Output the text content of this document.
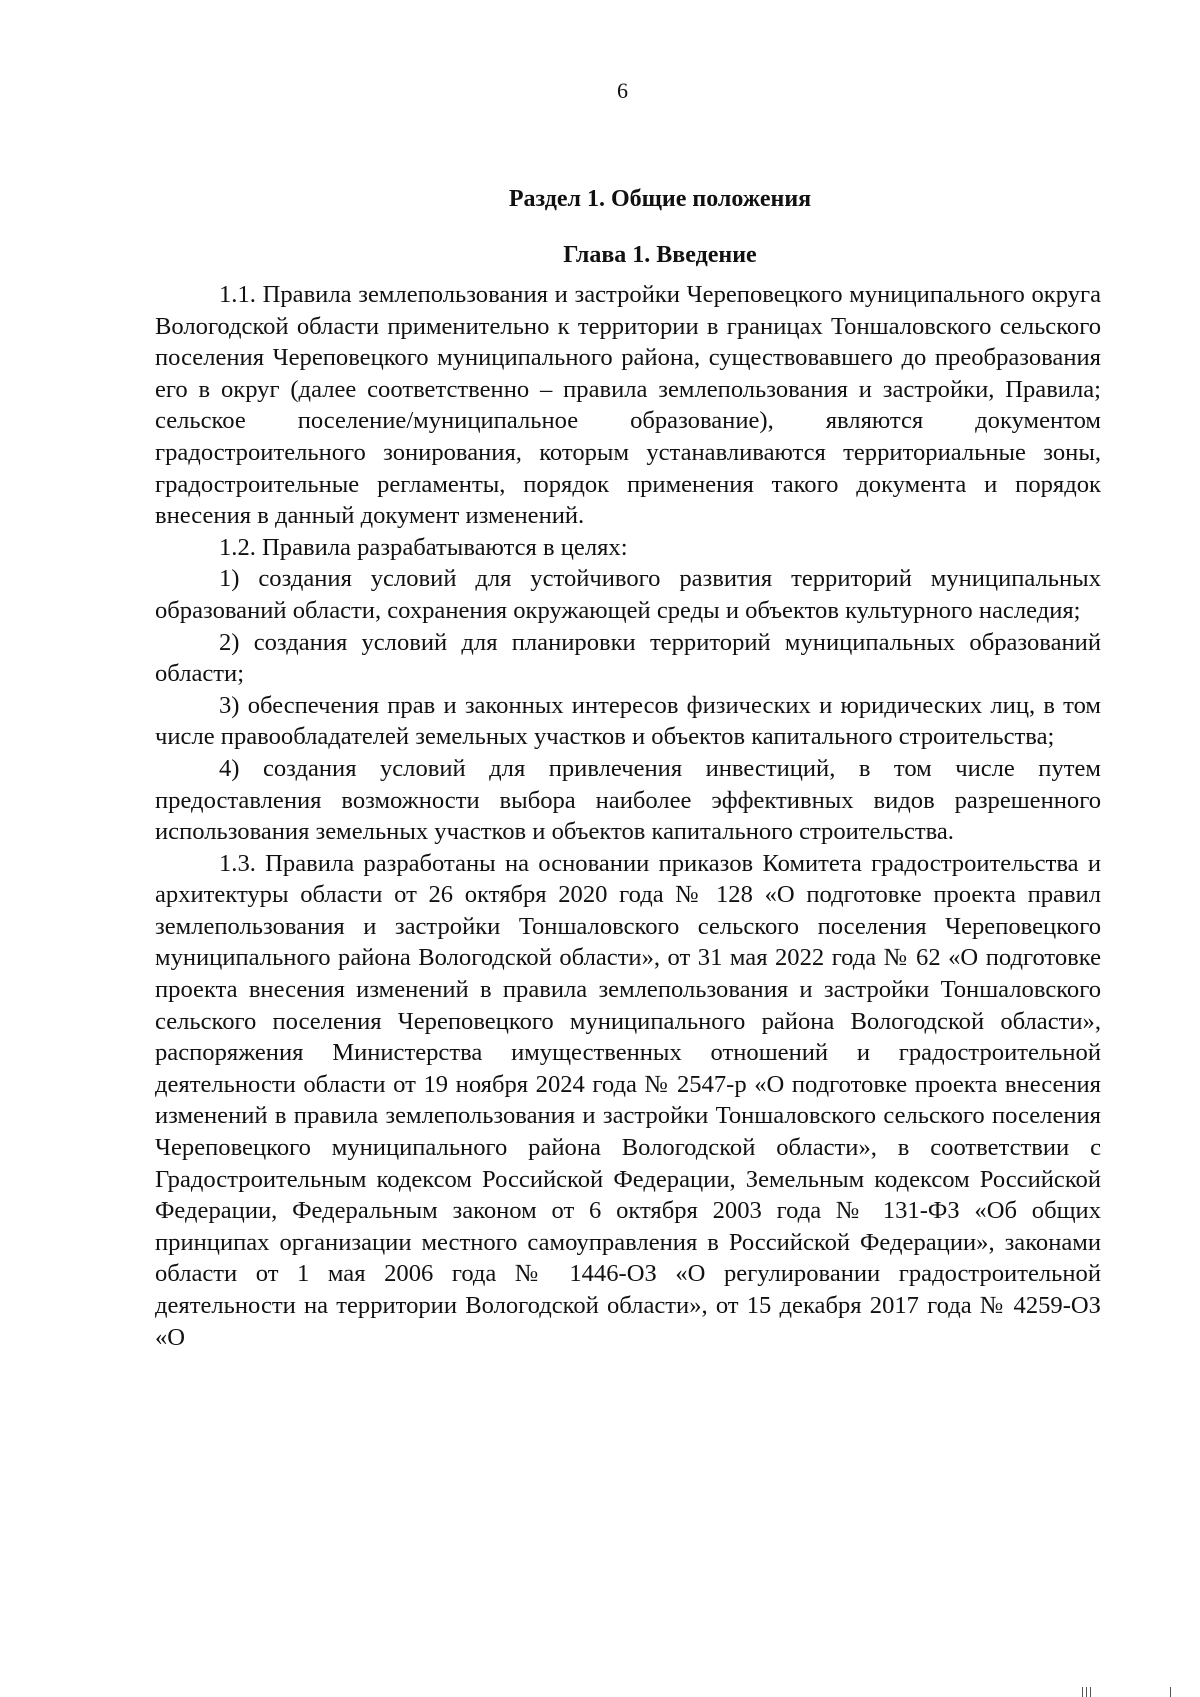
6
Раздел 1. Общие положения
Глава 1. Введение

1.1. Правила землепользования и застройки Череповецкого муниципального округа Вологодской области применительно к территории в границах Тоншаловского сельского поселения Череповецкого муниципального района, существовавшего до преобразования его в округ (далее соответственно – правила землепользования и застройки, Правила; сельское поселение/муниципальное образование), являются документом градостроительного зонирования, которым устанавливаются территориальные зоны, градостроительные регламенты, порядок применения такого документа и порядок внесения в данный документ изменений.

1.2. Правила разрабатываются в целях:

1) создания условий для устойчивого развития территорий муниципальных образований области, сохранения окружающей среды и объектов культурного наследия;

2) создания условий для планировки территорий муниципальных образований области;

3) обеспечения прав и законных интересов физических и юридических лиц, в том числе правообладателей земельных участков и объектов капитального строительства;

4) создания условий для привлечения инвестиций, в том числе путем предоставления возможности выбора наиболее эффективных видов разрешенного использования земельных участков и объектов капитального строительства.

1.3. Правила разработаны на основании приказов Комитета градостроительства и архитектуры области от 26 октября 2020 года № 128 «О подготовке проекта правил землепользования и застройки Тоншаловского сельского поселения Череповецкого муниципального района Вологодской области», от 31 мая 2022 года № 62 «О подготовке проекта внесения изменений в правила землепользования и застройки Тоншаловского сельского поселения Череповецкого муниципального района Вологодской области», распоряжения Министерства имущественных отношений и градостроительной деятельности области от 19 ноября 2024 года № 2547-р «О подготовке проекта внесения изменений в правила землепользования и застройки Тоншаловского сельского поселения Череповецкого муниципального района Вологодской области», в соответствии с Градостроительным кодексом Российской Федерации, Земельным кодексом Российской Федерации, Федеральным законом от 6 октября 2003 года № 131-ФЗ «Об общих принципах организации местного самоуправления в Российской Федерации», законами области от 1 мая 2006 года № 1446-ОЗ «О регулировании градостроительной деятельности на территории Вологодской области», от 15 декабря 2017 года № 4259-ОЗ «О
